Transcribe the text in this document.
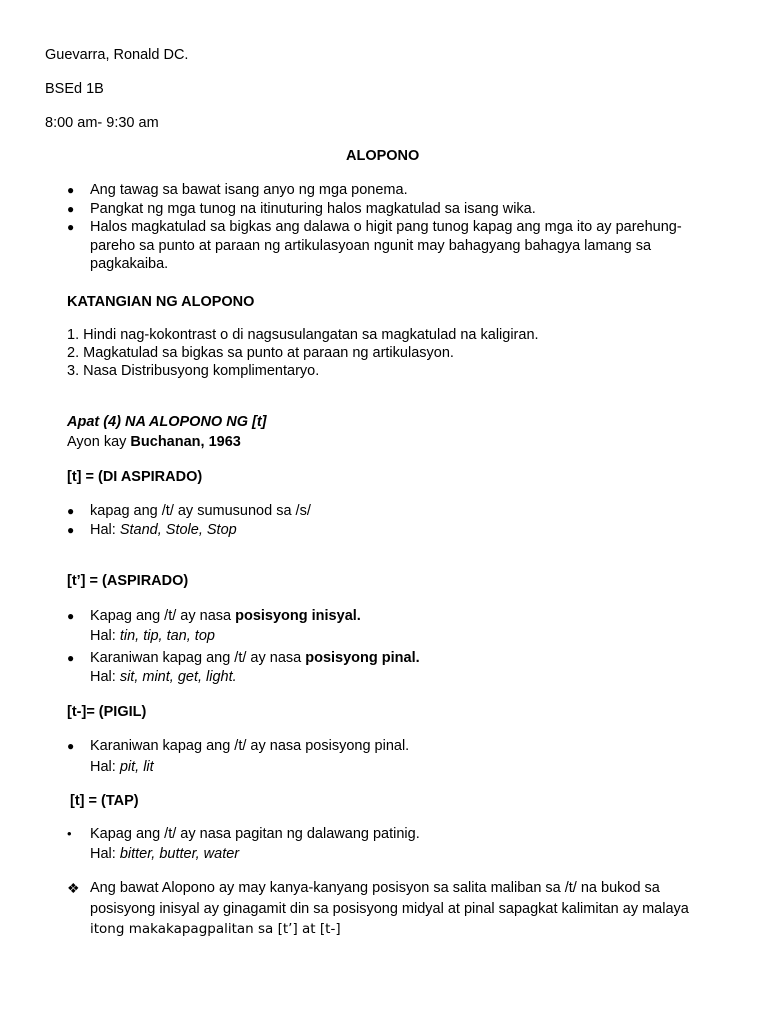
Guevarra, Ronald DC.
BSEd 1B
8:00 am- 9:30 am
ALOPONO
● Ang tawag sa bawat isang anyo ng mga ponema.
● Pangkat ng mga tunog na itinuturing halos magkatulad sa isang wika.
● Halos magkatulad sa bigkas ang dalawa o higit pang tunog kapag ang mga ito ay parehung-pareho sa punto at paraan ng artikulasyoan ngunit may bahagyang bahagya lamang sa pagkakaiba.
KATANGIAN NG ALOPONO
1. Hindi nag-kokontrast o di nagsusulangatan sa magkatulad na kaligiran.
2. Magkatulad sa bigkas sa punto at paraan ng artikulasyon.
3. Nasa Distribusyong komplimentaryo.
Apat (4) NA ALOPONO NG [t]
Ayon kay Buchanan, 1963
[t] = (DI ASPIRADO)
● kapag ang /t/ ay sumusunod sa /s/
● Hal: Stand, Stole, Stop
[t’] = (ASPIRADO)
● Kapag ang /t/ ay nasa posisyong inisyal.
Hal: tin, tip, tan, top
● Karaniwan kapag ang /t/ ay nasa posisyong pinal.
Hal: sit, mint, get, light.
[t-]= (PIGIL)
● Karaniwan kapag ang /t/ ay nasa posisyong pinal.
Hal: pit, lit
[t] = (TAP)
• Kapag ang /t/ ay nasa pagitan ng dalawang patinig.
Hal: bitter, butter, water
❖ Ang bawat Alopono ay may kanya-kanyang posisyon sa salita maliban sa /t/ na bukod sa
posisyong inisyal ay ginagamit din sa posisyong midyal at pinal sapagkat kalimitan ay malaya
itong makakapagpalitan sa [t’] at [t-]
